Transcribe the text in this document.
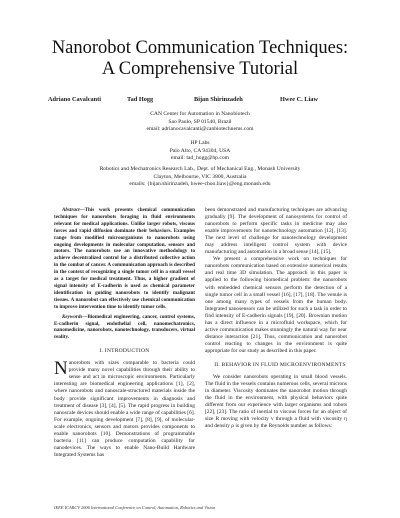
Nanorobot Communication Techniques:
A Comprehensive Tutorial
Adriano Cavalcanti	Tad Hogg	Bijan Shirinzadeh	Hwee C. Liaw
CAN Center for Automation in Nanobiotech
Sao Paulo, SP 01540, Brazil
email: adrianocavalcanti@canbiotechnems.com
HP Labs
Palo Alto, CA 94304, USA
email: tad_hogg@hp.com
Robotics and Mechatronics Research Lab., Dept. of Mechanical Eng., Monash University
Clayton, Melbourne, VIC 3800, Australia
emails: {bijan.shirinzadeh, hwee-choo.liaw}@eng.monash.edu

Abstract—This work presents chemical communication techniques for nanorobots foraging in fluid environments relevant for medical applications. Unlike larger robots, viscous forces and rapid diffusion dominate their behaviors. Examples range from modified microorganisms to nanorobots using ongoing developments in molecular computation, sensors and motors. The nanorobots use an innovative methodology to achieve decentralized control for a distributed collective action in the combat of cancer. A communication approach is described in the context of recognizing a single tumor cell in a small vessel as a target for medical treatment. Thus, a higher gradient of signal intensity of E-cadherin is used as chemical parameter identification in guiding nanorobots to identify malignant tissues. A nanorobot can effectively use chemical communication to improve intervention time to identify tumor cells.

Keywords—Biomedical engineering, cancer, control systems, E-cadherin signal, endothelial cell, nanomechatronics, nanomedicine, nanorobots, nanotechnology, transducers, virtual reality.

I. INTRODUCTION

Nanorobots with sizes comparable to bacteria could provide many novel capabilities through their ability to sense and act in microscopic environments. Particularly interesting are biomedical engineering applications [1], [2], where nanorobots and nanoscale-structured materials inside the body provide significant improvements in diagnosis and treatment of disease [3], [4], [5]. The rapid progress in building nanoscale devices should enable a wide range of capabilities [6]. For example, ongoing development [7], [8], [9], of molecular-scale electronics, sensors and motors provides components to enable nanorobots [10]. Demonstrations of programmable bacteria [11] can produce computation capability for nanodevices. The ways to enable Nano-Build Hardware Integrated Systems has

been demonstrated and manufacturing techniques are advancing gradually [9]. The development of nanosystems for control of nanorobots to perform specific tasks in medicine may also enable improvements for nanotechnology automation [12], [13]. The next level of challenge for nanotechnology development may address intelligent control system with device manufacturing and automation in a broad sense [14], [15].

We present a comprehensive work on techniques for nanorobots communication based on extensive numerical results and real time 3D simulation. The approach in this paper is applied to the following biomedical problem: the nanorobots with embedded chemical sensors perform the detection of a single tumor cell in a small vessel [16], [17], [18]. The venule is one among many types of vessels from the human body. Integrated nanosensors can be utilized for such a task in order to find intensity of E-cadherin signals [19], [20]. Brownian motion has a direct influence in a microfluid workspace, which for active communication makes stunningly the natural way for near distance interaction [21]. Thus, communication and nanorobot control reacting to changes in the environment is quite appropriate for our study as described in this paper.

II. BEHAVIOR IN FLUID MICROENVIRONMENTS

We consider nanorobots operating in small blood vessels. The fluid in the vessels contains numerous cells, several microns in diameter. Viscosity dominates the nanorobot motion through the fluid in the environment, with physical behaviors quite different from our experience with larger organisms and robots [22], [23]. The ratio of inertial to viscous forces for an object of size R moving with velocity v through a fluid with viscosity η and density ρ is given by the Reynolds number as follows:

IEEE ICARCV 2006 International Conference on Control, Automation, Robotics and Vision
